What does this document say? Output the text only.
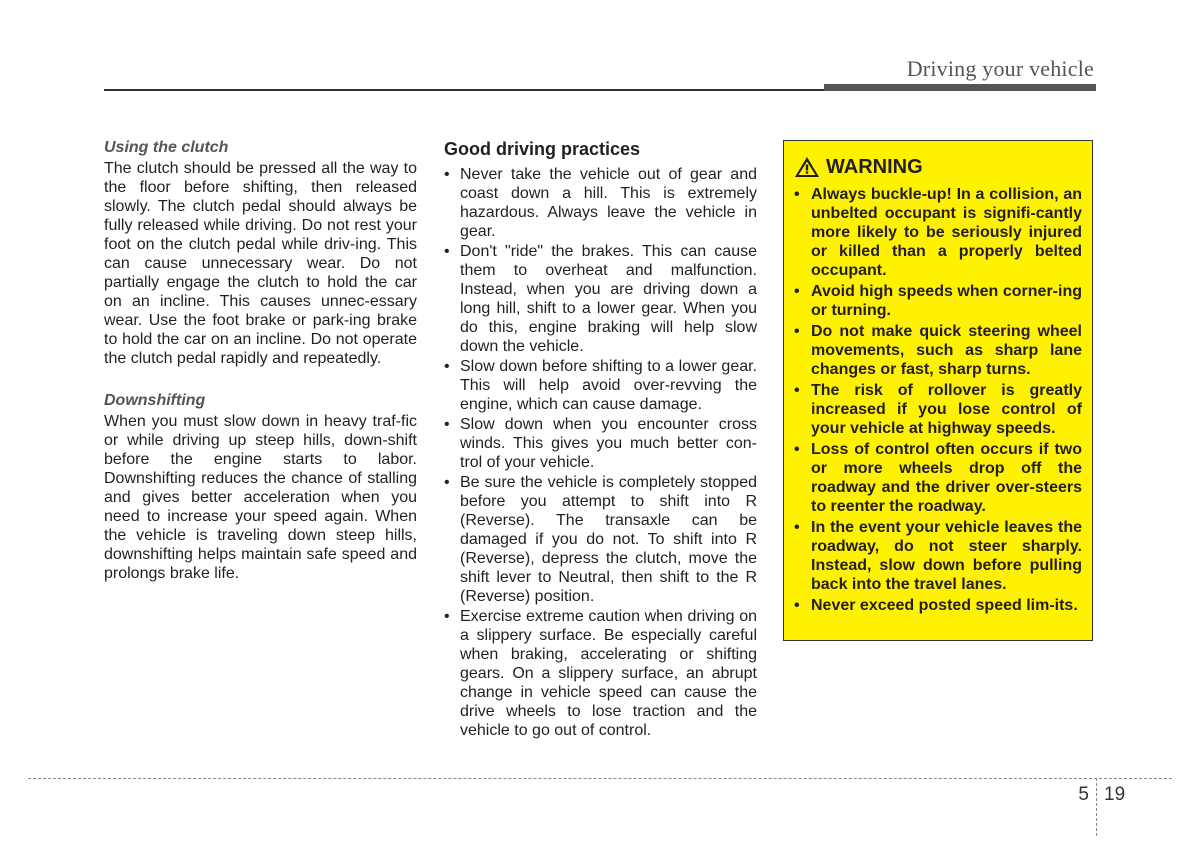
Driving your vehicle
Using the clutch

The clutch should be pressed all the way to the floor before shifting, then released slowly. The clutch pedal should always be fully released while driving. Do not rest your foot on the clutch pedal while driv-ing. This can cause unnecessary wear. Do not partially engage the clutch to hold the car on an incline. This causes unnec-essary wear. Use the foot brake or park-ing brake to hold the car on an incline. Do not operate the clutch pedal rapidly and repeatedly.

Downshifting

When you must slow down in heavy traf-fic or while driving up steep hills, down-shift before the engine starts to labor. Downshifting reduces the chance of stalling and gives better acceleration when you need to increase your speed again. When the vehicle is traveling down steep hills, downshifting helps maintain safe speed and prolongs brake life.

Good driving practices
• Never take the vehicle out of gear and coast down a hill. This is extremely hazardous. Always leave the vehicle in gear.
• Don't "ride" the brakes. This can cause them to overheat and malfunction. Instead, when you are driving down a long hill, shift to a lower gear. When you do this, engine braking will help slow down the vehicle.
• Slow down before shifting to a lower gear. This will help avoid over-revving the engine, which can cause damage.
• Slow down when you encounter cross winds. This gives you much better con-trol of your vehicle.
• Be sure the vehicle is completely stopped before you attempt to shift into R (Reverse). The transaxle can be damaged if you do not. To shift into R (Reverse), depress the clutch, move the shift lever to Neutral, then shift to the R (Reverse) position.
• Exercise extreme caution when driving on a slippery surface. Be especially careful when braking, accelerating or shifting gears. On a slippery surface, an abrupt change in vehicle speed can cause the drive wheels to lose traction and the vehicle to go out of control.
WARNING
• Always buckle-up! In a collision, an unbelted occupant is signifi-cantly more likely to be seriously injured or killed than a properly belted occupant.
• Avoid high speeds when corner-ing or turning.
• Do not make quick steering wheel movements, such as sharp lane changes or fast, sharp turns.
• The risk of rollover is greatly increased if you lose control of your vehicle at highway speeds.
• Loss of control often occurs if two or more wheels drop off the roadway and the driver over-steers to reenter the roadway.
• In the event your vehicle leaves the roadway, do not steer sharply. Instead, slow down before pulling back into the travel lanes.
• Never exceed posted speed lim-its.
5 19
